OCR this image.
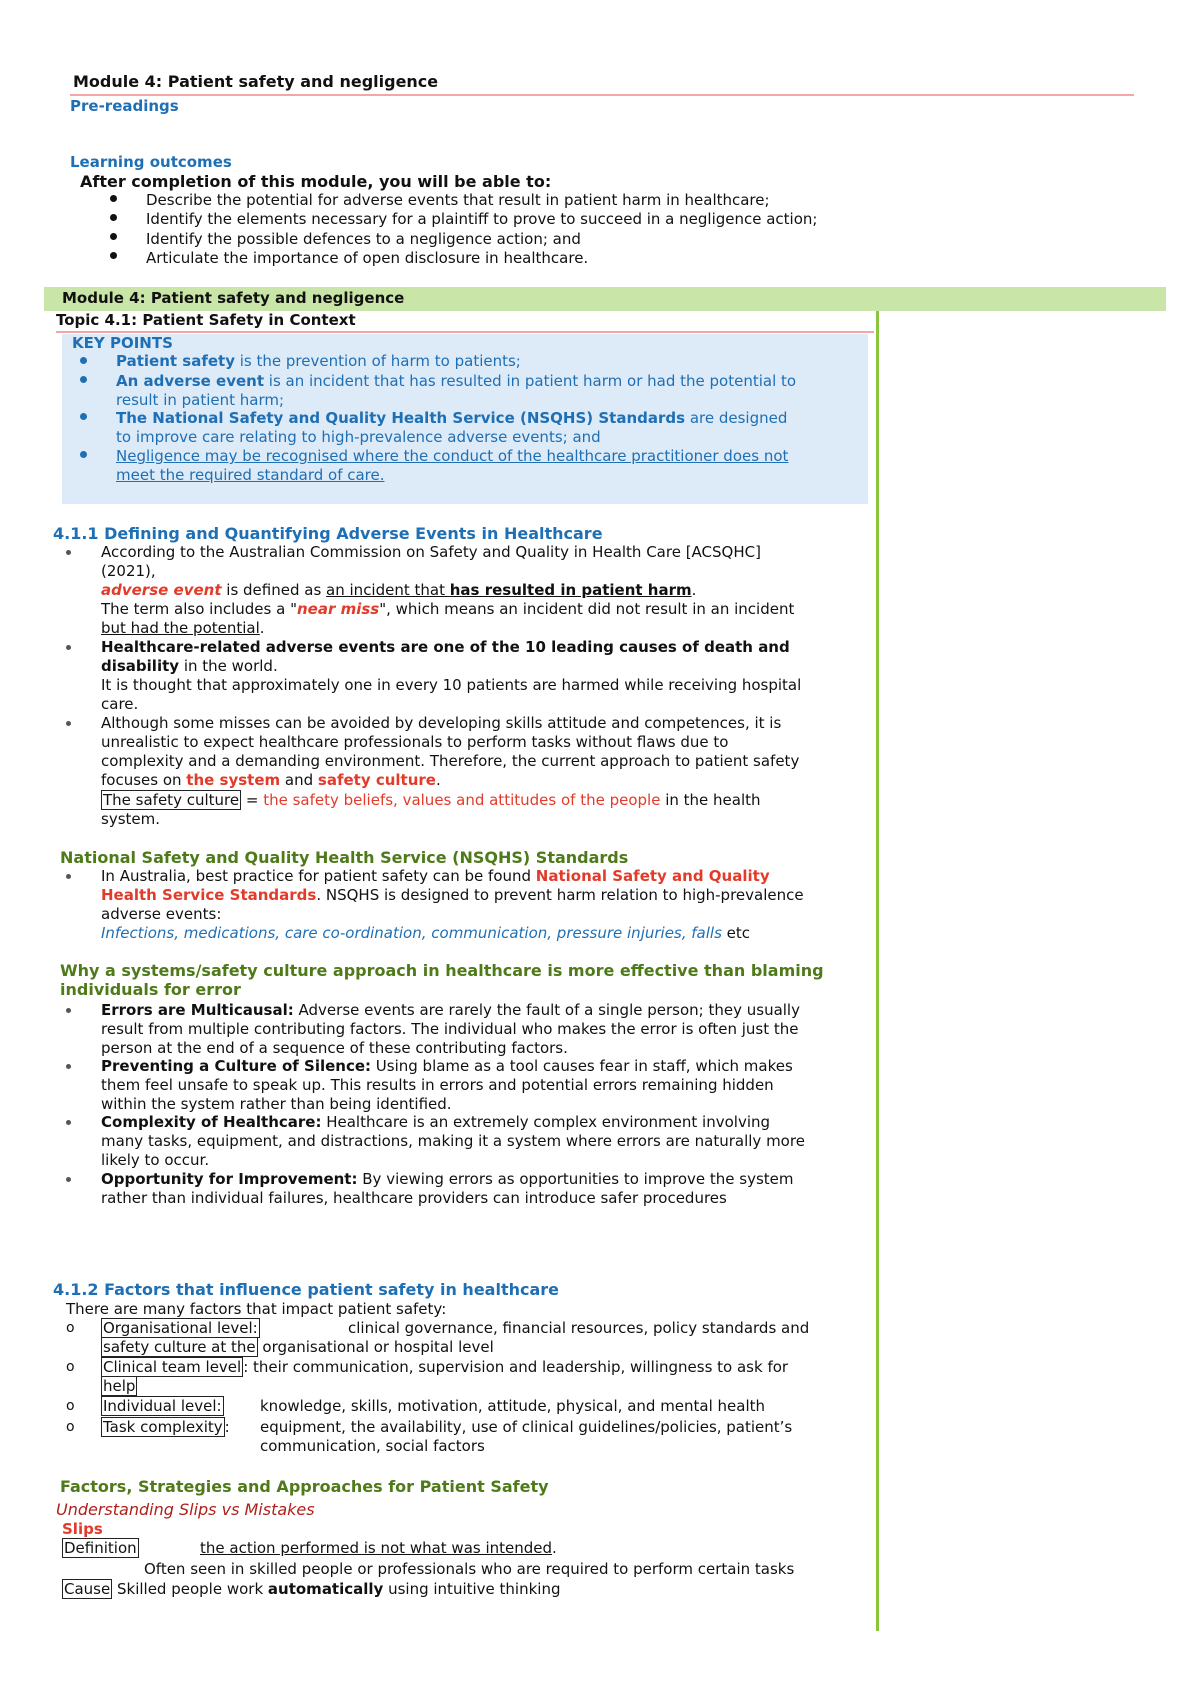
Module 4: Patient safety and negligence
Pre-readings
Learning outcomes
After completion of this module, you will be able to:
Describe the potential for adverse events that result in patient harm in healthcare;
Identify the elements necessary for a plaintiff to prove to succeed in a negligence action;
Identify the possible defences to a negligence action; and
Articulate the importance of open disclosure in healthcare.
Module 4: Patient safety and negligence
Topic 4.1: Patient Safety in Context
KEY POINTS
Patient safety is the prevention of harm to patients;
An adverse event is an incident that has resulted in patient harm or had the potential to
result in patient harm;
The National Safety and Quality Health Service (NSQHS) Standards are designed
to improve care relating to high-prevalence adverse events; and
Negligence may be recognised where the conduct of the healthcare practitioner does not
meet the required standard of care.
4.1.1 Defining and Quantifying Adverse Events in Healthcare
According to the Australian Commission on Safety and Quality in Health Care [ACSQHC]
(2021),
adverse event is defined as an incident that has resulted in patient harm.
The term also includes a "near miss", which means an incident did not result in an incident
but had the potential.
Healthcare-related adverse events are one of the 10 leading causes of death and
disability in the world.
It is thought that approximately one in every 10 patients are harmed while receiving hospital
care.
Although some misses can be avoided by developing skills attitude and competences, it is
unrealistic to expect healthcare professionals to perform tasks without flaws due to
complexity and a demanding environment. Therefore, the current approach to patient safety
focuses on the system and safety culture.
The safety culture = the safety beliefs, values and attitudes of the people in the health
system.
National Safety and Quality Health Service (NSQHS) Standards
In Australia, best practice for patient safety can be found National Safety and Quality
Health Service Standards. NSQHS is designed to prevent harm relation to high-prevalence
adverse events:
Infections, medications, care co-ordination, communication, pressure injuries, falls etc
Why a systems/safety culture approach in healthcare is more effective than blaming
individuals for error
Errors are Multicausal: Adverse events are rarely the fault of a single person; they usually
result from multiple contributing factors. The individual who makes the error is often just the
person at the end of a sequence of these contributing factors.
Preventing a Culture of Silence: Using blame as a tool causes fear in staff, which makes
them feel unsafe to speak up. This results in errors and potential errors remaining hidden
within the system rather than being identified.
Complexity of Healthcare: Healthcare is an extremely complex environment involving
many tasks, equipment, and distractions, making it a system where errors are naturally more
likely to occur.
Opportunity for Improvement: By viewing errors as opportunities to improve the system
rather than individual failures, healthcare providers can introduce safer procedures
4.1.2 Factors that influence patient safety in healthcare
There are many factors that impact patient safety:
o Organisational level:	clinical governance, financial resources, policy standards and
safety culture at the organisational or hospital level
o Clinical team level : their communication, supervision and leadership, willingness to ask for
help
o Individual level:	knowledge, skills, motivation, attitude, physical, and mental health
o Task complexity : equipment, the availability, use of clinical guidelines/policies, patient’s
communication, social factors
Factors, Strategies and Approaches for Patient Safety
Understanding Slips vs Mistakes
Slips
Definition	the action performed is not what was intended.
Often seen in skilled people or professionals who are required to perform certain tasks
Cause Skilled people work automatically using intuitive thinking
